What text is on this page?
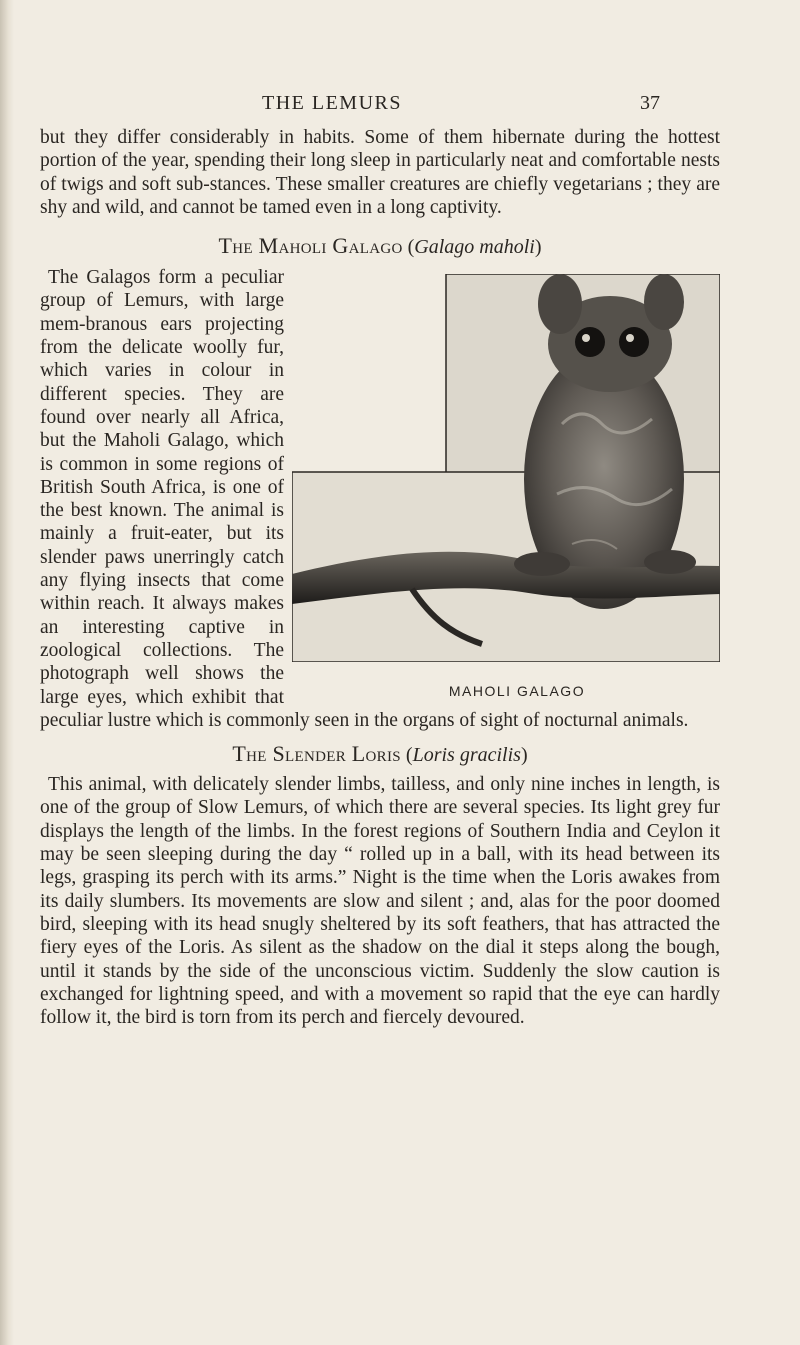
THE LEMURS	37

but they differ considerably in habits. Some of them hibernate during the hottest portion of the year, spending their long sleep in particularly neat and comfortable nests of twigs and soft sub-stances. These smaller creatures are chiefly vegetarians ; they are shy and wild, and cannot be tamed even in a long captivity.

The Maholi Galago (Galago maholi)
MAHOLI GALAGO

The Galagos form a peculiar group of Lemurs, with large mem-branous ears projecting from the delicate woolly fur, which varies in colour in different species. They are found over nearly all Africa, but the Maholi Galago, which is common in some regions of British South Africa, is one of the best known. The animal is mainly a fruit-eater, but its slender paws unerringly catch any flying insects that come within reach. It always makes an interesting captive in zoological collections. The photograph well shows the large eyes, which exhibit that peculiar lustre which is commonly seen in the organs of sight of nocturnal animals.

The Slender Loris (Loris gracilis)

This animal, with delicately slender limbs, tailless, and only nine inches in length, is one of the group of Slow Lemurs, of which there are several species. Its light grey fur displays the length of the limbs. In the forest regions of Southern India and Ceylon it may be seen sleeping during the day “ rolled up in a ball, with its head between its legs, grasping its perch with its arms.” Night is the time when the Loris awakes from its daily slumbers. Its movements are slow and silent ; and, alas for the poor doomed bird, sleeping with its head snugly sheltered by its soft feathers, that has attracted the fiery eyes of the Loris. As silent as the shadow on the dial it steps along the bough, until it stands by the side of the unconscious victim. Suddenly the slow caution is exchanged for lightning speed, and with a movement so rapid that the eye can hardly follow it, the bird is torn from its perch and fiercely devoured.
